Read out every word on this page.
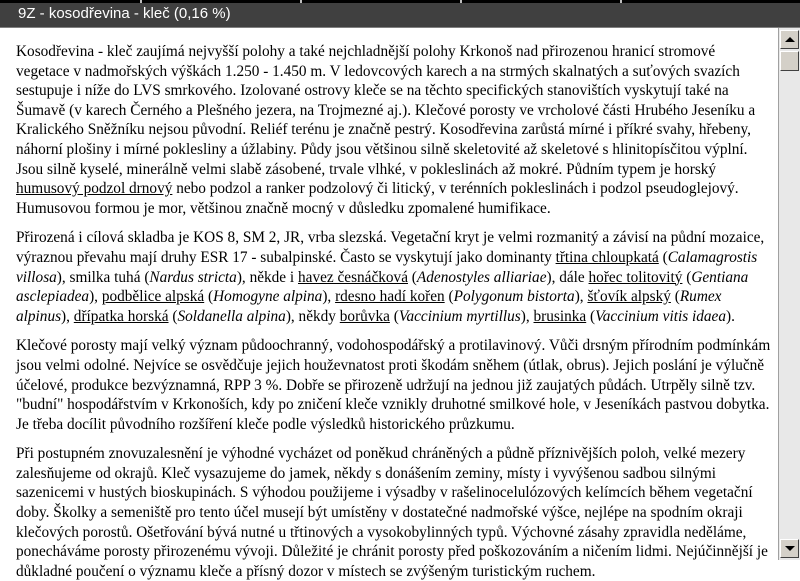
9Z - kosodřevina - kleč (0,16 %)

Kosodřevina - kleč zaujímá nejvyšší polohy a také nejchladnější polohy Krkonoš nad přirozenou hranicí stromové vegetace v nadmořských výškách 1.250 - 1.450 m. V ledovcových karech a na strmých skalnatých a suťových svazích sestupuje i níže do LVS smrkového. Izolované ostrovy kleče se na těchto specifických stanovištích vyskytují také na Šumavě (v karech Černého a Plešného jezera, na Trojmezné aj.). Klečové porosty ve vrcholové části Hrubého Jeseníku a Kralického Sněžníku nejsou původní. Reliéf terénu je značně pestrý. Kosodřevina zarůstá mírné i příkré svahy, hřebeny, náhorní plošiny i mírné poklesliny a úžlabiny. Půdy jsou většinou silně skeletovité až skeletové s hlinitopísčitou výplní. Jsou silně kyselé, minerálně velmi slabě zásobené, trvale vlhké, v pokleslinách až mokré. Půdním typem je horský humusový podzol drnový nebo podzol a ranker podzolový či litický, v terénních pokleslinách i podzol pseudoglejový. Humusovou formou je mor, většinou značně mocný v důsledku zpomalené humifikace.

Přirozená i cílová skladba je KOS 8, SM 2, JR, vrba slezská. Vegetační kryt je velmi rozmanitý a závisí na půdní mozaice, výraznou převahu mají druhy ESR 17 - subalpinské. Často se vyskytují jako dominanty třtina chloupkatá (Calamagrostis villosa), smilka tuhá (Nardus stricta), někde i havez česnáčková (Adenostyles alliariae), dále hořec tolitovitý (Gentiana asclepiadea), podbělice alpská (Homogyne alpina), rdesno hadí kořen (Polygonum bistorta), šťovík alpský (Rumex alpinus), dřípatka horská (Soldanella alpina), někdy borůvka (Vaccinium myrtillus), brusinka (Vaccinium vitis idaea).

Klečové porosty mají velký význam půdoochranný, vodohospodářský a protilavinový. Vůči drsným přírodním podmínkám jsou velmi odolné. Nejvíce se osvědčuje jejich houževnatost proti škodám sněhem (útlak, obrus). Jejich poslání je výlučně účelové, produkce bezvýznamná, RPP 3 %. Dobře se přirozeně udržují na jednou již zaujatých půdách. Utrpěly silně tzv. "budní" hospodářstvím v Krkonoších, kdy po zničení kleče vznikly druhotné smilkové hole, v Jeseníkách pastvou dobytka. Je třeba docílit původního rozšíření kleče podle výsledků historického průzkumu.

Při postupném znovuzalesnění je výhodné vycházet od poněkud chráněných a půdně příznivějších poloh, velké mezery zalesňujeme od okrajů. Kleč vysazujeme do jamek, někdy s donášením zeminy, místy i vyvýšenou sadbou silnými sazenicemi v hustých bioskupinách. S výhodou použijeme i výsadby v rašelinocelulózových kelímcích během vegetační doby. Školky a semeniště pro tento účel musejí být umístěny v dostatečné nadmořské výšce, nejlépe na spodním okraji klečových porostů. Ošetřování bývá nutné u třtinových a vysokobylinných typů. Výchovné zásahy zpravidla neděláme, ponecháváme porosty přirozenému vývoji. Důležité je chránit porosty před poškozováním a ničením lidmi. Nejúčinnější je důkladné poučení o významu kleče a přísný dozor v místech se zvýšeným turistickým ruchem.
